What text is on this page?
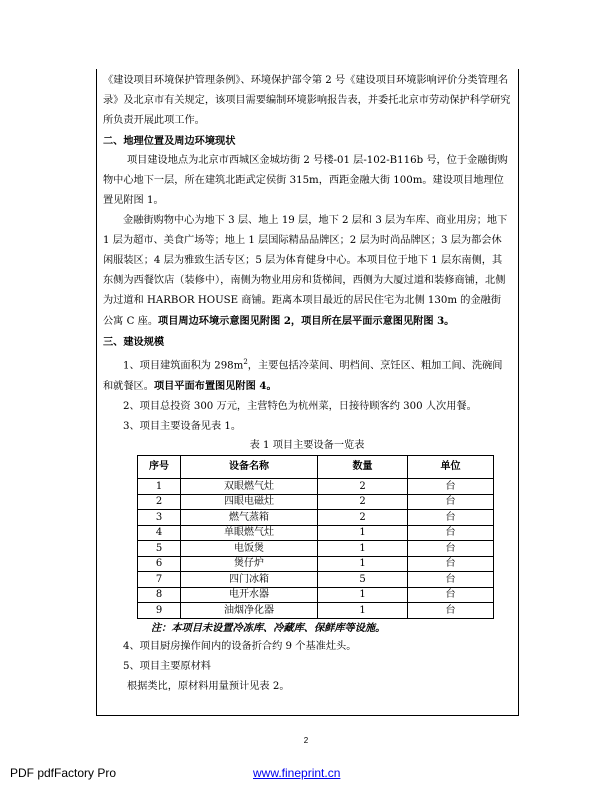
《建设项目环境保护管理条例》、环境保护部令第 2 号《建设项目环境影响评价分类管理名录》及北京市有关规定，该项目需要编制环境影响报告表，并委托北京市劳动保护科学研究所负责开展此项工作。

二、地理位置及周边环境现状

项目建设地点为北京市西城区金城坊街 2 号楼-01 层-102-B116b 号，位于金融街购物中心地下一层，所在建筑北距武定侯街 315m，西距金融大街 100m。建设项目地理位置见附图 1。

金融街购物中心为地下 3 层、地上 19 层，地下 2 层和 3 层为车库、商业用房；地下 1 层为超市、美食广场等；地上 1 层国际精品品牌区；2 层为时尚品牌区；3 层为都会休闲服装区；4 层为雅致生活专区；5 层为体育健身中心。本项目位于地下 1 层东南侧，其东侧为西餐饮店（装修中），南侧为物业用房和货梯间，西侧为大厦过道和装修商铺，北侧为过道和 HARBOR HOUSE 商铺。距离本项目最近的居民住宅为北侧 130m 的金融街公寓 C 座。项目周边环境示意图见附图 2，项目所在层平面示意图见附图 3。

三、建设规模

1、项目建筑面积为 $298m^2$，主要包括冷菜间、明档间、烹饪区、粗加工间、洗碗间和就餐区。项目平面布置图见附图 4。

2、项目总投资 300 万元，主营特色为杭州菜，日接待顾客约 300 人次用餐。

3、项目主要设备见表 1。

表 1 项目主要设备一览表

序号	设备名称	数量	单位
1	双眼燃气灶	2	台
2	四眼电磁灶	2	台
3	燃气蒸箱	2	台
4	单眼燃气灶	1	台
5	电饭煲	1	台
6	煲仔炉	1	台
7	四门冰箱	5	台
8	电开水器	1	台
9	油烟净化器	1	台

注：本项目未设置冷冻库、冷藏库、保鲜库等设施。

4、项目厨房操作间内的设备折合约 9 个基准灶头。

5、项目主要原材料

根据类比，原材料用量预计见表 2。

2
PDF pdfFactory Pro	www.fineprint.cn
